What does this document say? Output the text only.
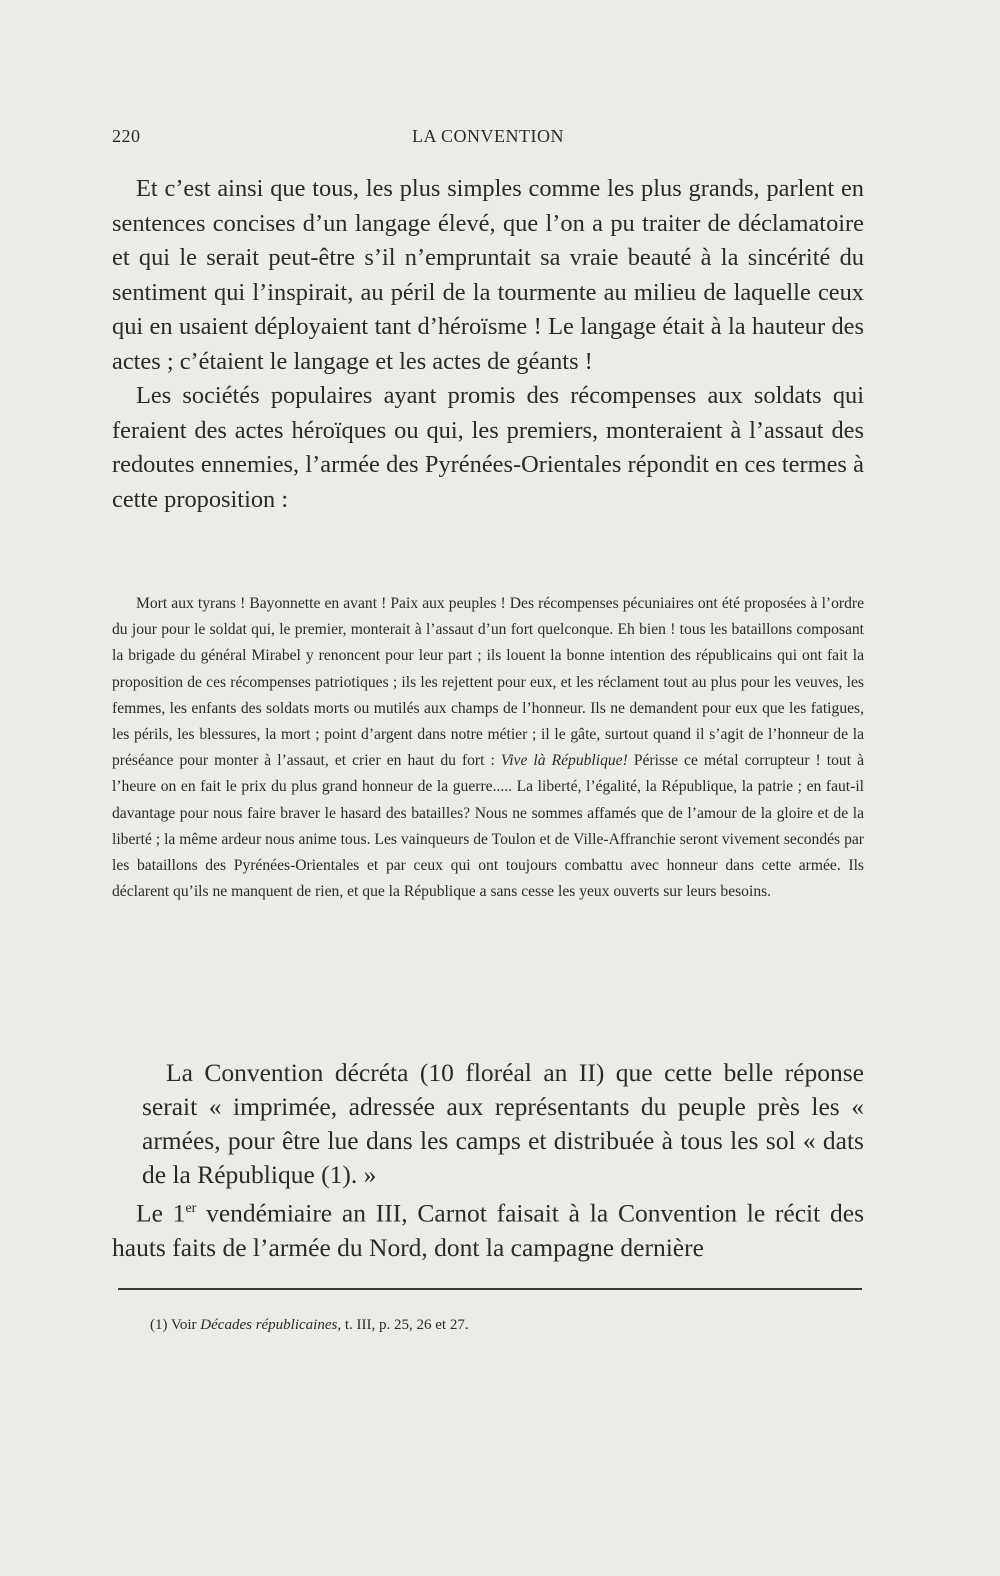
220	LA CONVENTION

Et c’est ainsi que tous, les plus simples comme les plus grands, parlent en sentences concises d’un langage élevé, que l’on a pu traiter de déclamatoire et qui le serait peut-être s’il n’empruntait sa vraie beauté à la sincérité du sentiment qui l’inspirait, au péril de la tourmente au milieu de laquelle ceux qui en usaient déployaient tant d’héroïsme ! Le langage était à la hauteur des actes ; c’étaient le langage et les actes de géants !

Les sociétés populaires ayant promis des récompenses aux soldats qui feraient des actes héroïques ou qui, les premiers, monteraient à l’assaut des redoutes ennemies, l’armée des Pyrénées-Orientales répondit en ces termes à cette proposition :

Mort aux tyrans ! Bayonnette en avant ! Paix aux peuples ! Des récompenses pécuniaires ont été proposées à l’ordre du jour pour le soldat qui, le premier, monterait à l’assaut d’un fort quelconque. Eh bien ! tous les bataillons composant la brigade du général Mirabel y renoncent pour leur part ; ils louent la bonne intention des républicains qui ont fait la proposition de ces récompenses patriotiques ; ils les rejettent pour eux, et les réclament tout au plus pour les veuves, les femmes, les enfants des soldats morts ou mutilés aux champs de l’honneur. Ils ne demandent pour eux que les fatigues, les périls, les blessures, la mort ; point d’argent dans notre métier ; il le gâte, surtout quand il s’agit de l’honneur de la préséance pour monter à l’assaut, et crier en haut du fort : Vive là République! Périsse ce métal corrupteur ! tout à l’heure on en fait le prix du plus grand honneur de la guerre..... La liberté, l’égalité, la République, la patrie ; en faut-il davantage pour nous faire braver le hasard des batailles? Nous ne sommes affamés que de l’amour de la gloire et de la liberté ; la même ardeur nous anime tous. Les vainqueurs de Toulon et de Ville-Affranchie seront vivement secondés par les bataillons des Pyrénées-Orientales et par ceux qui ont toujours combattu avec honneur dans cette armée. Ils déclarent qu’ils ne manquent de rien, et que la République a sans cesse les yeux ouverts sur leurs besoins.

La Convention décréta (10 floréal an II) que cette belle réponse serait « imprimée, adressée aux représentants du peuple près les « armées, pour être lue dans les camps et distribuée à tous les sol « dats de la République (1). »

Le 1er vendémiaire an III, Carnot faisait à la Convention le récit des hauts faits de l’armée du Nord, dont la campagne dernière

(1) Voir Décades républicaines, t. III, p. 25, 26 et 27.
